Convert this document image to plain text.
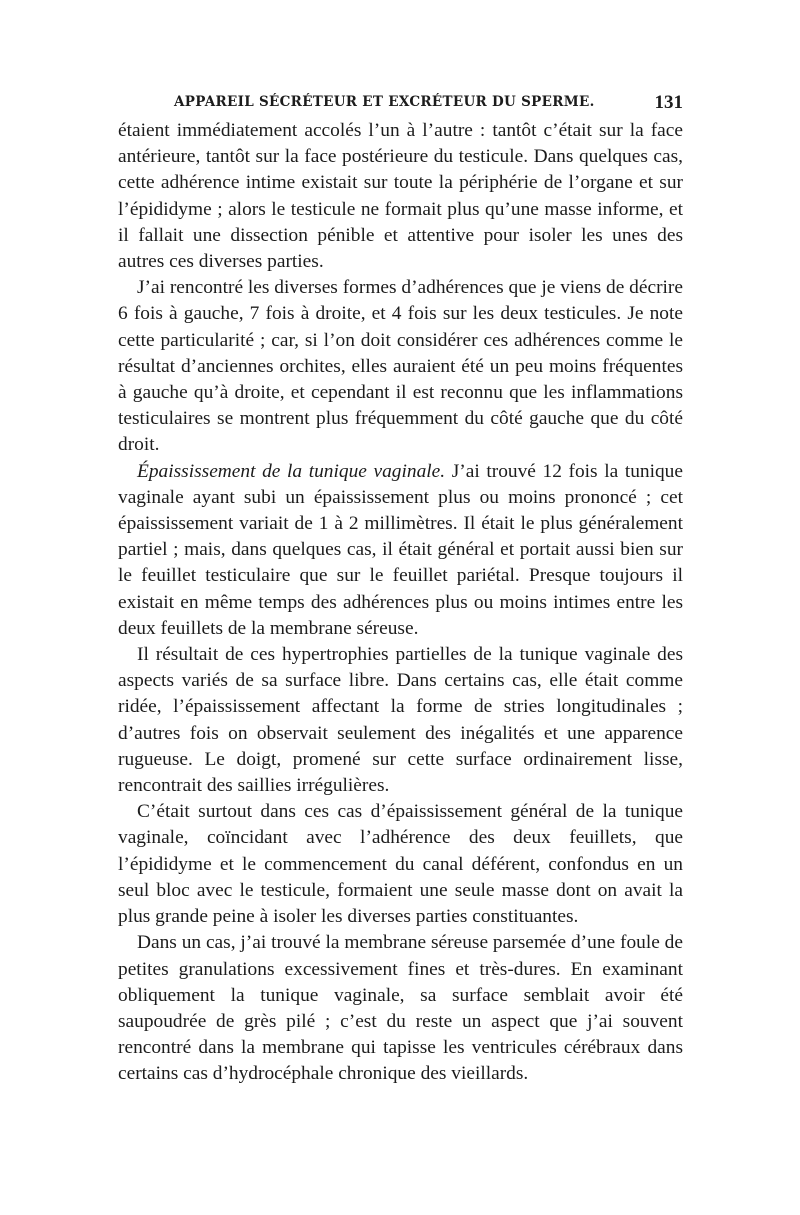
APPAREIL SÉCRÉTEUR ET EXCRÉTEUR DU SPERME.	131

étaient immédiatement accolés l’un à l’autre : tantôt c’était sur la face antérieure, tantôt sur la face postérieure du testicule. Dans quelques cas, cette adhérence intime existait sur toute la périphérie de l’organe et sur l’épididyme ; alors le testicule ne formait plus qu’une masse informe, et il fallait une dissection pénible et attentive pour isoler les unes des autres ces diverses parties.

J’ai rencontré les diverses formes d’adhérences que je viens de décrire 6 fois à gauche, 7 fois à droite, et 4 fois sur les deux testicules. Je note cette particularité ; car, si l’on doit considérer ces adhérences comme le résultat d’anciennes orchites, elles auraient été un peu moins fréquentes à gauche qu’à droite, et cependant il est reconnu que les inflammations testiculaires se montrent plus fréquemment du côté gauche que du côté droit.

Épaississement de la tunique vaginale. J’ai trouvé 12 fois la tunique vaginale ayant subi un épaississement plus ou moins prononcé ; cet épaississement variait de 1 à 2 millimètres. Il était le plus généralement partiel ; mais, dans quelques cas, il était général et portait aussi bien sur le feuillet testiculaire que sur le feuillet pariétal. Presque toujours il existait en même temps des adhérences plus ou moins intimes entre les deux feuillets de la membrane séreuse.

Il résultait de ces hypertrophies partielles de la tunique vaginale des aspects variés de sa surface libre. Dans certains cas, elle était comme ridée, l’épaississement affectant la forme de stries longitudinales ; d’autres fois on observait seulement des inégalités et une apparence rugueuse. Le doigt, promené sur cette surface ordinairement lisse, rencontrait des saillies irrégulières.

C’était surtout dans ces cas d’épaississement général de la tunique vaginale, coïncidant avec l’adhérence des deux feuillets, que l’épididyme et le commencement du canal déférent, confondus en un seul bloc avec le testicule, formaient une seule masse dont on avait la plus grande peine à isoler les diverses parties constituantes.

Dans un cas, j’ai trouvé la membrane séreuse parsemée d’une foule de petites granulations excessivement fines et très-dures. En examinant obliquement la tunique vaginale, sa surface semblait avoir été saupoudrée de grès pilé ; c’est du reste un aspect que j’ai souvent rencontré dans la membrane qui tapisse les ventricules cérébraux dans certains cas d’hydrocéphale chronique des vieillards.
